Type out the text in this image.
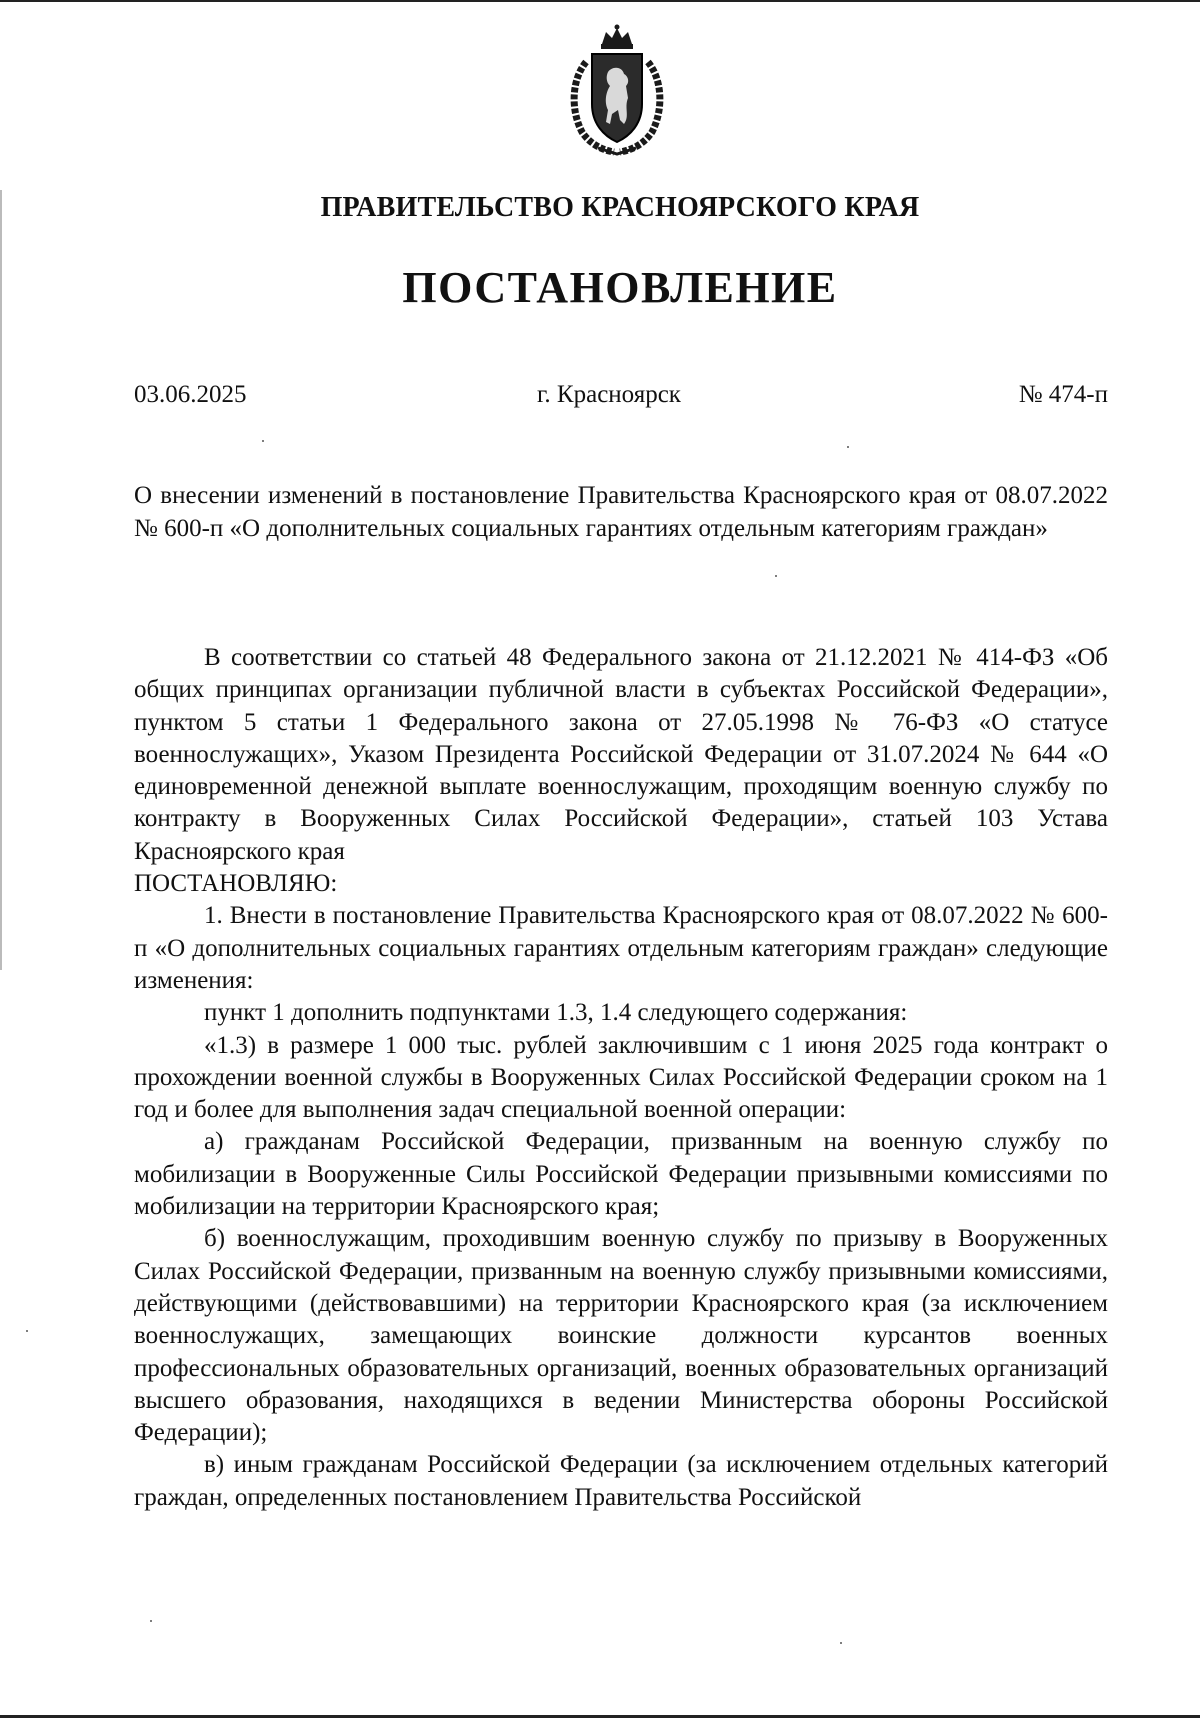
ПРАВИТЕЛЬСТВО КРАСНОЯРСКОГО КРАЯ
ПОСТАНОВЛЕНИЕ
03.06.2025	г. Красноярск	№ 474-п
О внесении изменений в постановление Правительства Красноярского края от 08.07.2022 № 600-п «О дополнительных социальных гарантиях отдельным категориям граждан»

В соответствии со статьей 48 Федерального закона от 21.12.2021 № 414-ФЗ «Об общих принципах организации публичной власти в субъектах Российской Федерации», пунктом 5 статьи 1 Федерального закона от 27.05.1998 № 76-ФЗ «О статусе военнослужащих», Указом Президента Российской Федерации от 31.07.2024 № 644 «О единовременной денежной выплате военнослужащим, проходящим военную службу по контракту в Вооруженных Силах Российской Федерации», статьей 103 Устава Красноярского края

ПОСТАНОВЛЯЮ:

1. Внести в постановление Правительства Красноярского края от 08.07.2022 № 600-п «О дополнительных социальных гарантиях отдельным категориям граждан» следующие изменения:

пункт 1 дополнить подпунктами 1.3, 1.4 следующего содержания:

«1.3) в размере 1 000 тыс. рублей заключившим с 1 июня 2025 года контракт о прохождении военной службы в Вооруженных Силах Российской Федерации сроком на 1 год и более для выполнения задач специальной военной операции:

а) гражданам Российской Федерации, призванным на военную службу по мобилизации в Вооруженные Силы Российской Федерации призывными комиссиями по мобилизации на территории Красноярского края;

б) военнослужащим, проходившим военную службу по призыву в Вооруженных Силах Российской Федерации, призванным на военную службу призывными комиссиями, действующими (действовавшими) на территории Красноярского края (за исключением военнослужащих, замещающих воинские должности курсантов военных профессиональных образовательных организаций, военных образовательных организаций высшего образования, находящихся в ведении Министерства обороны Российской Федерации);

в) иным гражданам Российской Федерации (за исключением отдельных категорий граждан, определенных постановлением Правительства Российской
